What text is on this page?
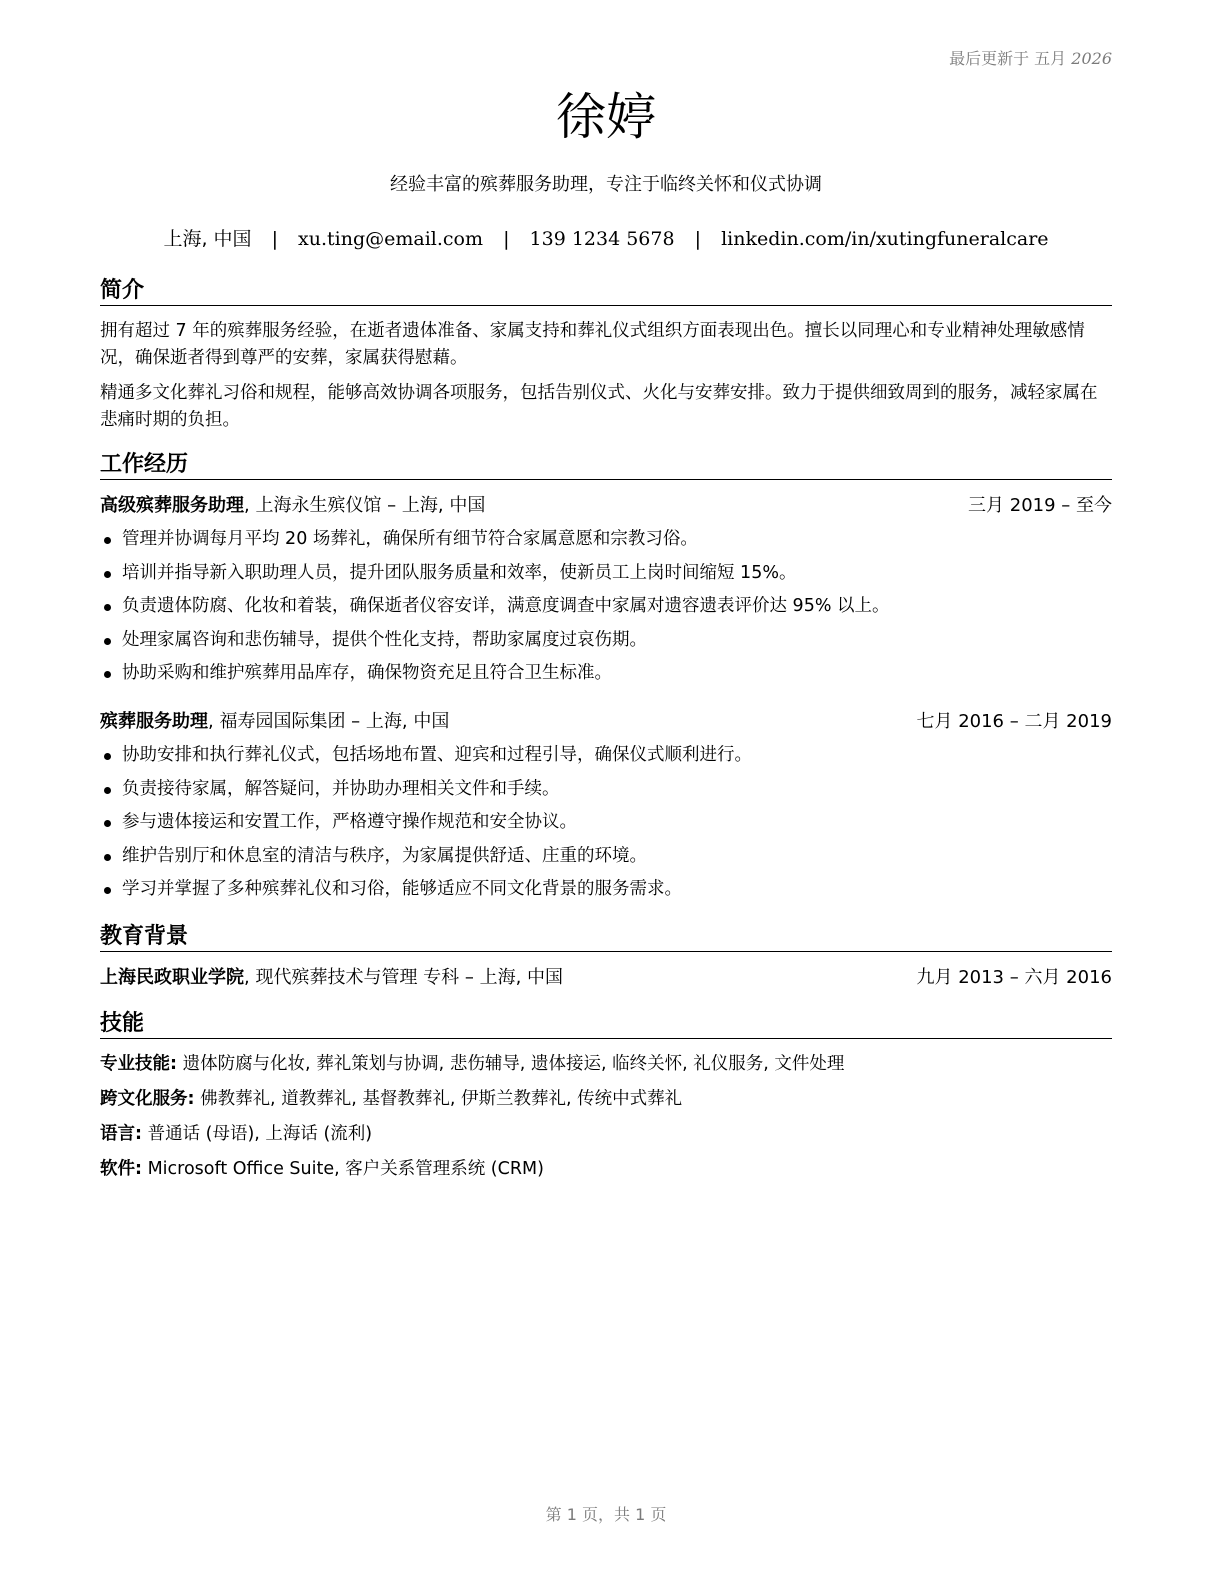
最后更新于 五月 2026
徐婷
经验丰富的殡葬服务助理，专注于临终关怀和仪式协调
上海, 中国 | xu.ting@email.com | 139 1234 5678 | linkedin.com/in/xutingfuneralcare
简介

拥有超过 7 年的殡葬服务经验，在逝者遗体准备、家属支持和葬礼仪式组织方面表现出色。擅长以同理心和专业精神处理敏感情况，确保逝者得到尊严的安葬，家属获得慰藉。

精通多文化葬礼习俗和规程，能够高效协调各项服务，包括告别仪式、火化与安葬安排。致力于提供细致周到的服务，减轻家属在悲痛时期的负担。

工作经历
高级殡葬服务助理, 上海永生殡仪馆 – 上海, 中国	三月 2019 – 至今
管理并协调每月平均 20 场葬礼，确保所有细节符合家属意愿和宗教习俗。
培训并指导新入职助理人员，提升团队服务质量和效率，使新员工上岗时间缩短 15%。
负责遗体防腐、化妆和着装，确保逝者仪容安详，满意度调查中家属对遗容遗表评价达 95% 以上。
处理家属咨询和悲伤辅导，提供个性化支持，帮助家属度过哀伤期。
协助采购和维护殡葬用品库存，确保物资充足且符合卫生标准。
殡葬服务助理, 福寿园国际集团 – 上海, 中国	七月 2016 – 二月 2019
协助安排和执行葬礼仪式，包括场地布置、迎宾和过程引导，确保仪式顺利进行。
负责接待家属，解答疑问，并协助办理相关文件和手续。
参与遗体接运和安置工作，严格遵守操作规范和安全协议。
维护告别厅和休息室的清洁与秩序，为家属提供舒适、庄重的环境。
学习并掌握了多种殡葬礼仪和习俗，能够适应不同文化背景的服务需求。
教育背景
上海民政职业学院, 现代殡葬技术与管理 专科 – 上海, 中国	九月 2013 – 六月 2016
技能
专业技能: 遗体防腐与化妆, 葬礼策划与协调, 悲伤辅导, 遗体接运, 临终关怀, 礼仪服务, 文件处理
跨文化服务: 佛教葬礼, 道教葬礼, 基督教葬礼, 伊斯兰教葬礼, 传统中式葬礼
语言: 普通话 (母语), 上海话 (流利)
软件: Microsoft Office Suite, 客户关系管理系统 (CRM)
第 1 页，共 1 页
